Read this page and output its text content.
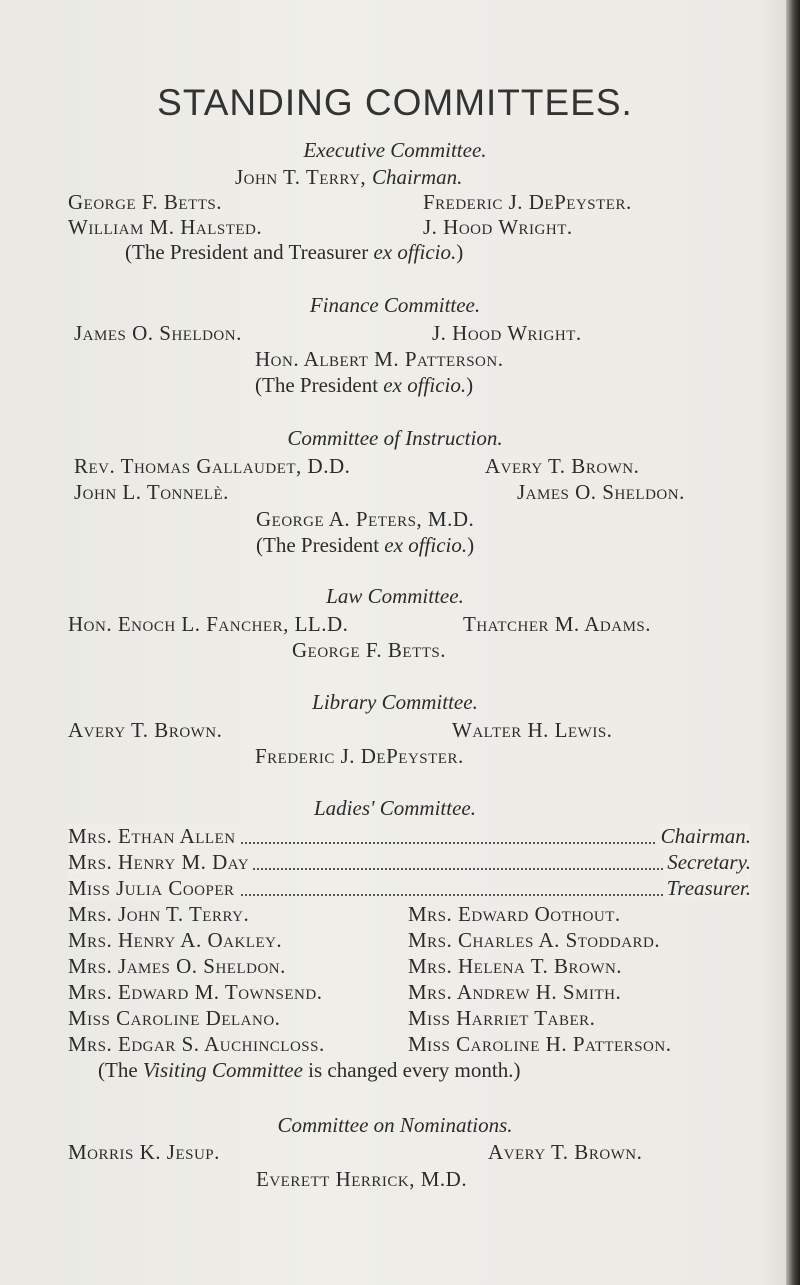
STANDING COMMITTEES.
Executive Committee.
John T. Terry, Chairman.
George F. Betts.	Frederic J. DePeyster.
William M. Halsted.	J. Hood Wright.
(The President and Treasurer ex officio.)
Finance Committee.
James O. Sheldon.	J. Hood Wright.
Hon. Albert M. Patterson.
(The President ex officio.)
Committee of Instruction.
Rev. Thomas Gallaudet, D.D.	Avery T. Brown.
John L. Tonnelè.	James O. Sheldon.
George A. Peters, M.D.
(The President ex officio.)
Law Committee.
Hon. Enoch L. Fancher, LL.D.	Thatcher M. Adams.
George F. Betts.
Library Committee.
Avery T. Brown.	Walter H. Lewis.
Frederic J. DePeyster.
Ladies' Committee.
Mrs. Ethan Allen	Chairman.
Mrs. Henry M. Day	Secretary.
Miss Julia Cooper	Treasurer.
Mrs. John T. Terry.	Mrs. Edward Oothout.
Mrs. Henry A. Oakley.	Mrs. Charles A. Stoddard.
Mrs. James O. Sheldon.	Mrs. Helena T. Brown.
Mrs. Edward M. Townsend.	Mrs. Andrew H. Smith.
Miss Caroline Delano.	Miss Harriet Taber.
Mrs. Edgar S. Auchincloss.	Miss Caroline H. Patterson.
(The Visiting Committee is changed every month.)
Committee on Nominations.
Morris K. Jesup.	Avery T. Brown.
Everett Herrick, M.D.
